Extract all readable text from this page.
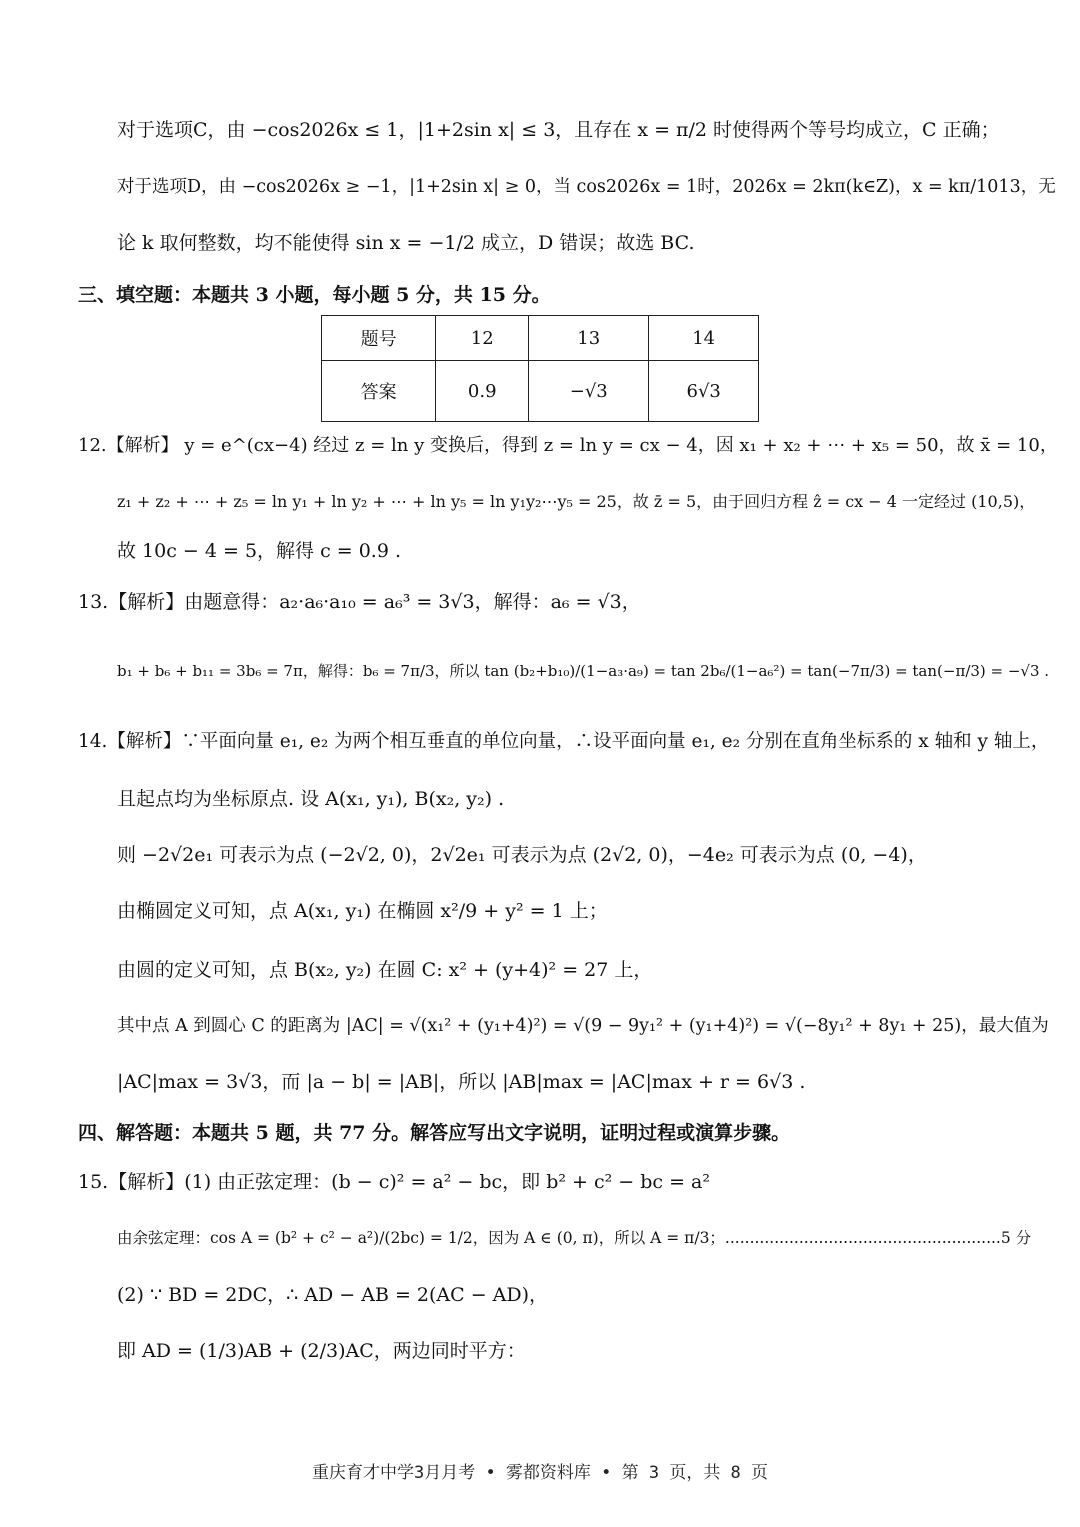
对于选项C，由 −cos2026x ≤ 1，|1+2sin x| ≤ 3，且存在 x = π/2 时使得两个等号均成立，C 正确；
对于选项D，由 −cos2026x ≥ −1，|1+2sin x| ≥ 0，当 cos2026x = 1时，2026x = 2kπ(k∈Z)，x = kπ/1013，无
论 k 取何整数，均不能使得 sin x = −1/2 成立，D 错误；故选 BC.
三、填空题：本题共 3 小题，每小题 5 分，共 15 分。
题号	12	13	14
答案	0.9	−√3	6√3
12.【解析】 y = e^(cx−4) 经过 z = ln y 变换后，得到 z = ln y = cx − 4，因 x₁ + x₂ + ⋯ + x₅ = 50，故 x̄ = 10，
z₁ + z₂ + ⋯ + z₅ = ln y₁ + ln y₂ + ⋯ + ln y₅ = ln y₁y₂⋯y₅ = 25，故 z̄ = 5，由于回归方程 ẑ = cx − 4 一定经过 (10,5)，
故 10c − 4 = 5，解得 c = 0.9 .
13.【解析】由题意得：a₂·a₆·a₁₀ = a₆³ = 3√3，解得：a₆ = √3，
b₁ + b₆ + b₁₁ = 3b₆ = 7π，解得：b₆ = 7π/3，所以 tan (b₂+b₁₀)/(1−a₃·a₉) = tan 2b₆/(1−a₆²) = tan(−7π/3) = tan(−π/3) = −√3 .
14.【解析】∵平面向量 e₁, e₂ 为两个相互垂直的单位向量，∴设平面向量 e₁, e₂ 分别在直角坐标系的 x 轴和 y 轴上，
且起点均为坐标原点. 设 A(x₁, y₁), B(x₂, y₂) .
则 −2√2e₁ 可表示为点 (−2√2, 0)，2√2e₁ 可表示为点 (2√2, 0)，−4e₂ 可表示为点 (0, −4)，
由椭圆定义可知，点 A(x₁, y₁) 在椭圆 x²/9 + y² = 1 上；
由圆的定义可知，点 B(x₂, y₂) 在圆 C: x² + (y+4)² = 27 上，
其中点 A 到圆心 C 的距离为 |AC| = √(x₁² + (y₁+4)²) = √(9 − 9y₁² + (y₁+4)²) = √(−8y₁² + 8y₁ + 25)，最大值为
|AC|max = 3√3，而 |a − b| = |AB|，所以 |AB|max = |AC|max + r = 6√3 .
四、解答题：本题共 5 题，共 77 分。解答应写出文字说明，证明过程或演算步骤。
15.【解析】(1) 由正弦定理：(b − c)² = a² − bc，即 b² + c² − bc = a²
由余弦定理：cos A = (b² + c² − a²)/(2bc) = 1/2，因为 A ∈ (0, π)，所以 A = π/3；........................................................5 分
(2) ∵ BD = 2DC，∴ AD − AB = 2(AC − AD)，
即 AD = (1/3)AB + (2/3)AC，两边同时平方：
重庆育才中学3月月考 • 雾都资料库 • 第 3 页，共 8 页
